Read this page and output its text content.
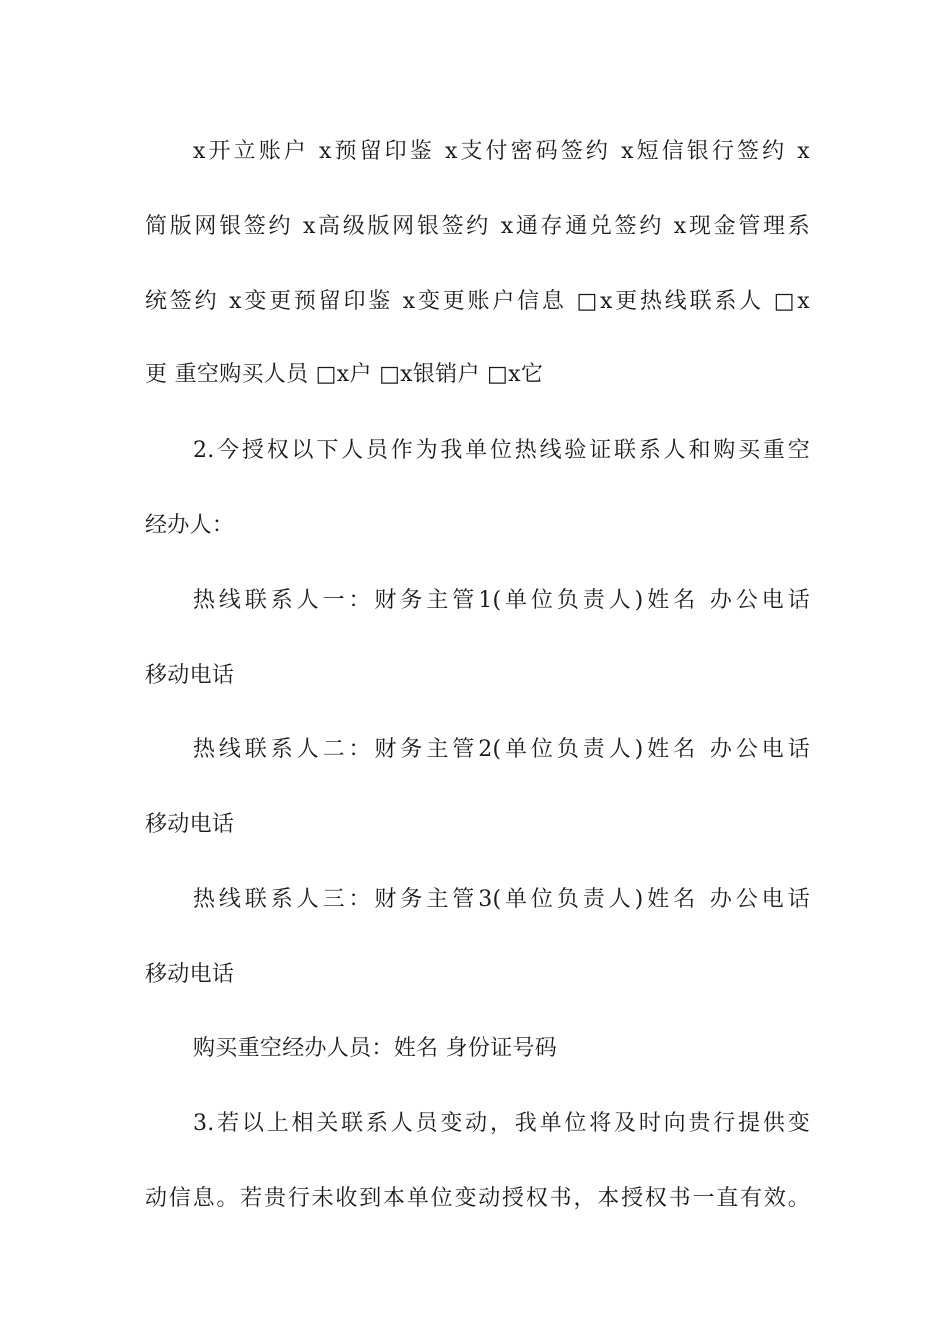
x开立账户 x预留印鉴 x支付密码签约 x短信银行签约 x
简版网银签约 x高级版网银签约 x通存通兑签约 x现金管理系
统签约 x变更预留印鉴 x变更账户信息 □x更热线联系人 □x
更 重空购买人员 □x户 □x银销户 □x它
2.今授权以下人员作为我单位热线验证联系人和购买重空
经办人：
热线联系人一：财务主管1(单位负责人)姓名 办公电话
移动电话
热线联系人二：财务主管2(单位负责人)姓名 办公电话
移动电话
热线联系人三：财务主管3(单位负责人)姓名 办公电话
移动电话
购买重空经办人员：姓名 身份证号码
3.若以上相关联系人员变动，我单位将及时向贵行提供变
动信息。若贵行未收到本单位变动授权书，本授权书一直有效。
